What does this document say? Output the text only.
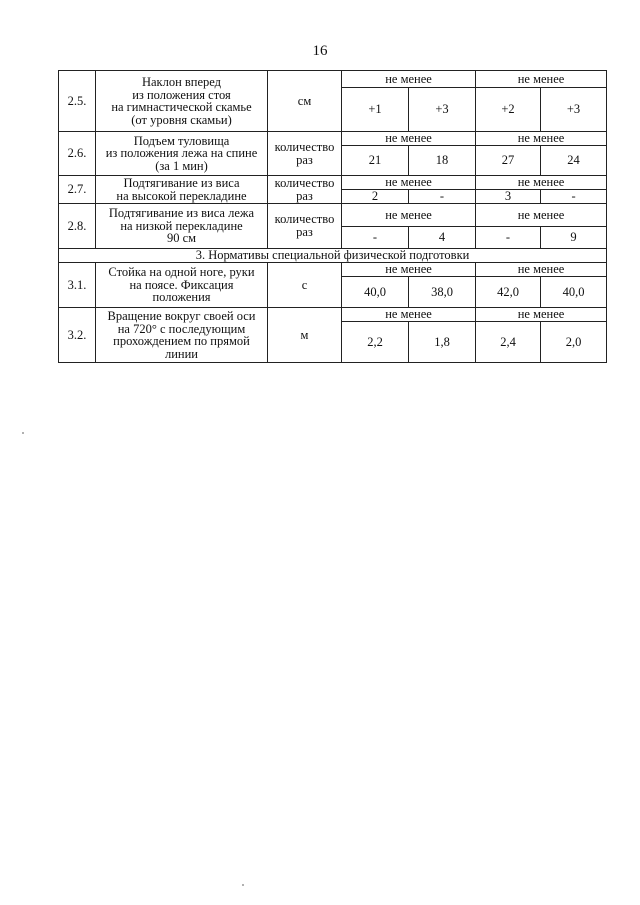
16
2.5.	Наклон вперед
из положения стоя
на гимнастической скамье
(от уровня скамьи)	см	не менее		не менее	
			+1	+3	+2	+3
2.6.	Подъем туловища
из положения лежа на спине
(за 1 мин)	количество
раз	не менее		не менее	
			21	18	27	24
2.7.	Подтягивание из виса
на высокой перекладине	количество
раз	не менее		не менее	
			2	-	3	-
2.8.	Подтягивание из виса лежа
на низкой перекладине
90 см	количество
раз	не менее		не менее	
			-	4	-	9
3. Нормативы специальной физической подготовки						
3.1.	Стойка на одной ноге, руки
на поясе. Фиксация
положения	с	не менее		не менее	
			40,0	38,0	42,0	40,0
3.2.	Вращение вокруг своей оси
на 720° с последующим
прохождением по прямой
линии	м	не менее		не менее	
			2,2	1,8	2,4	2,0
